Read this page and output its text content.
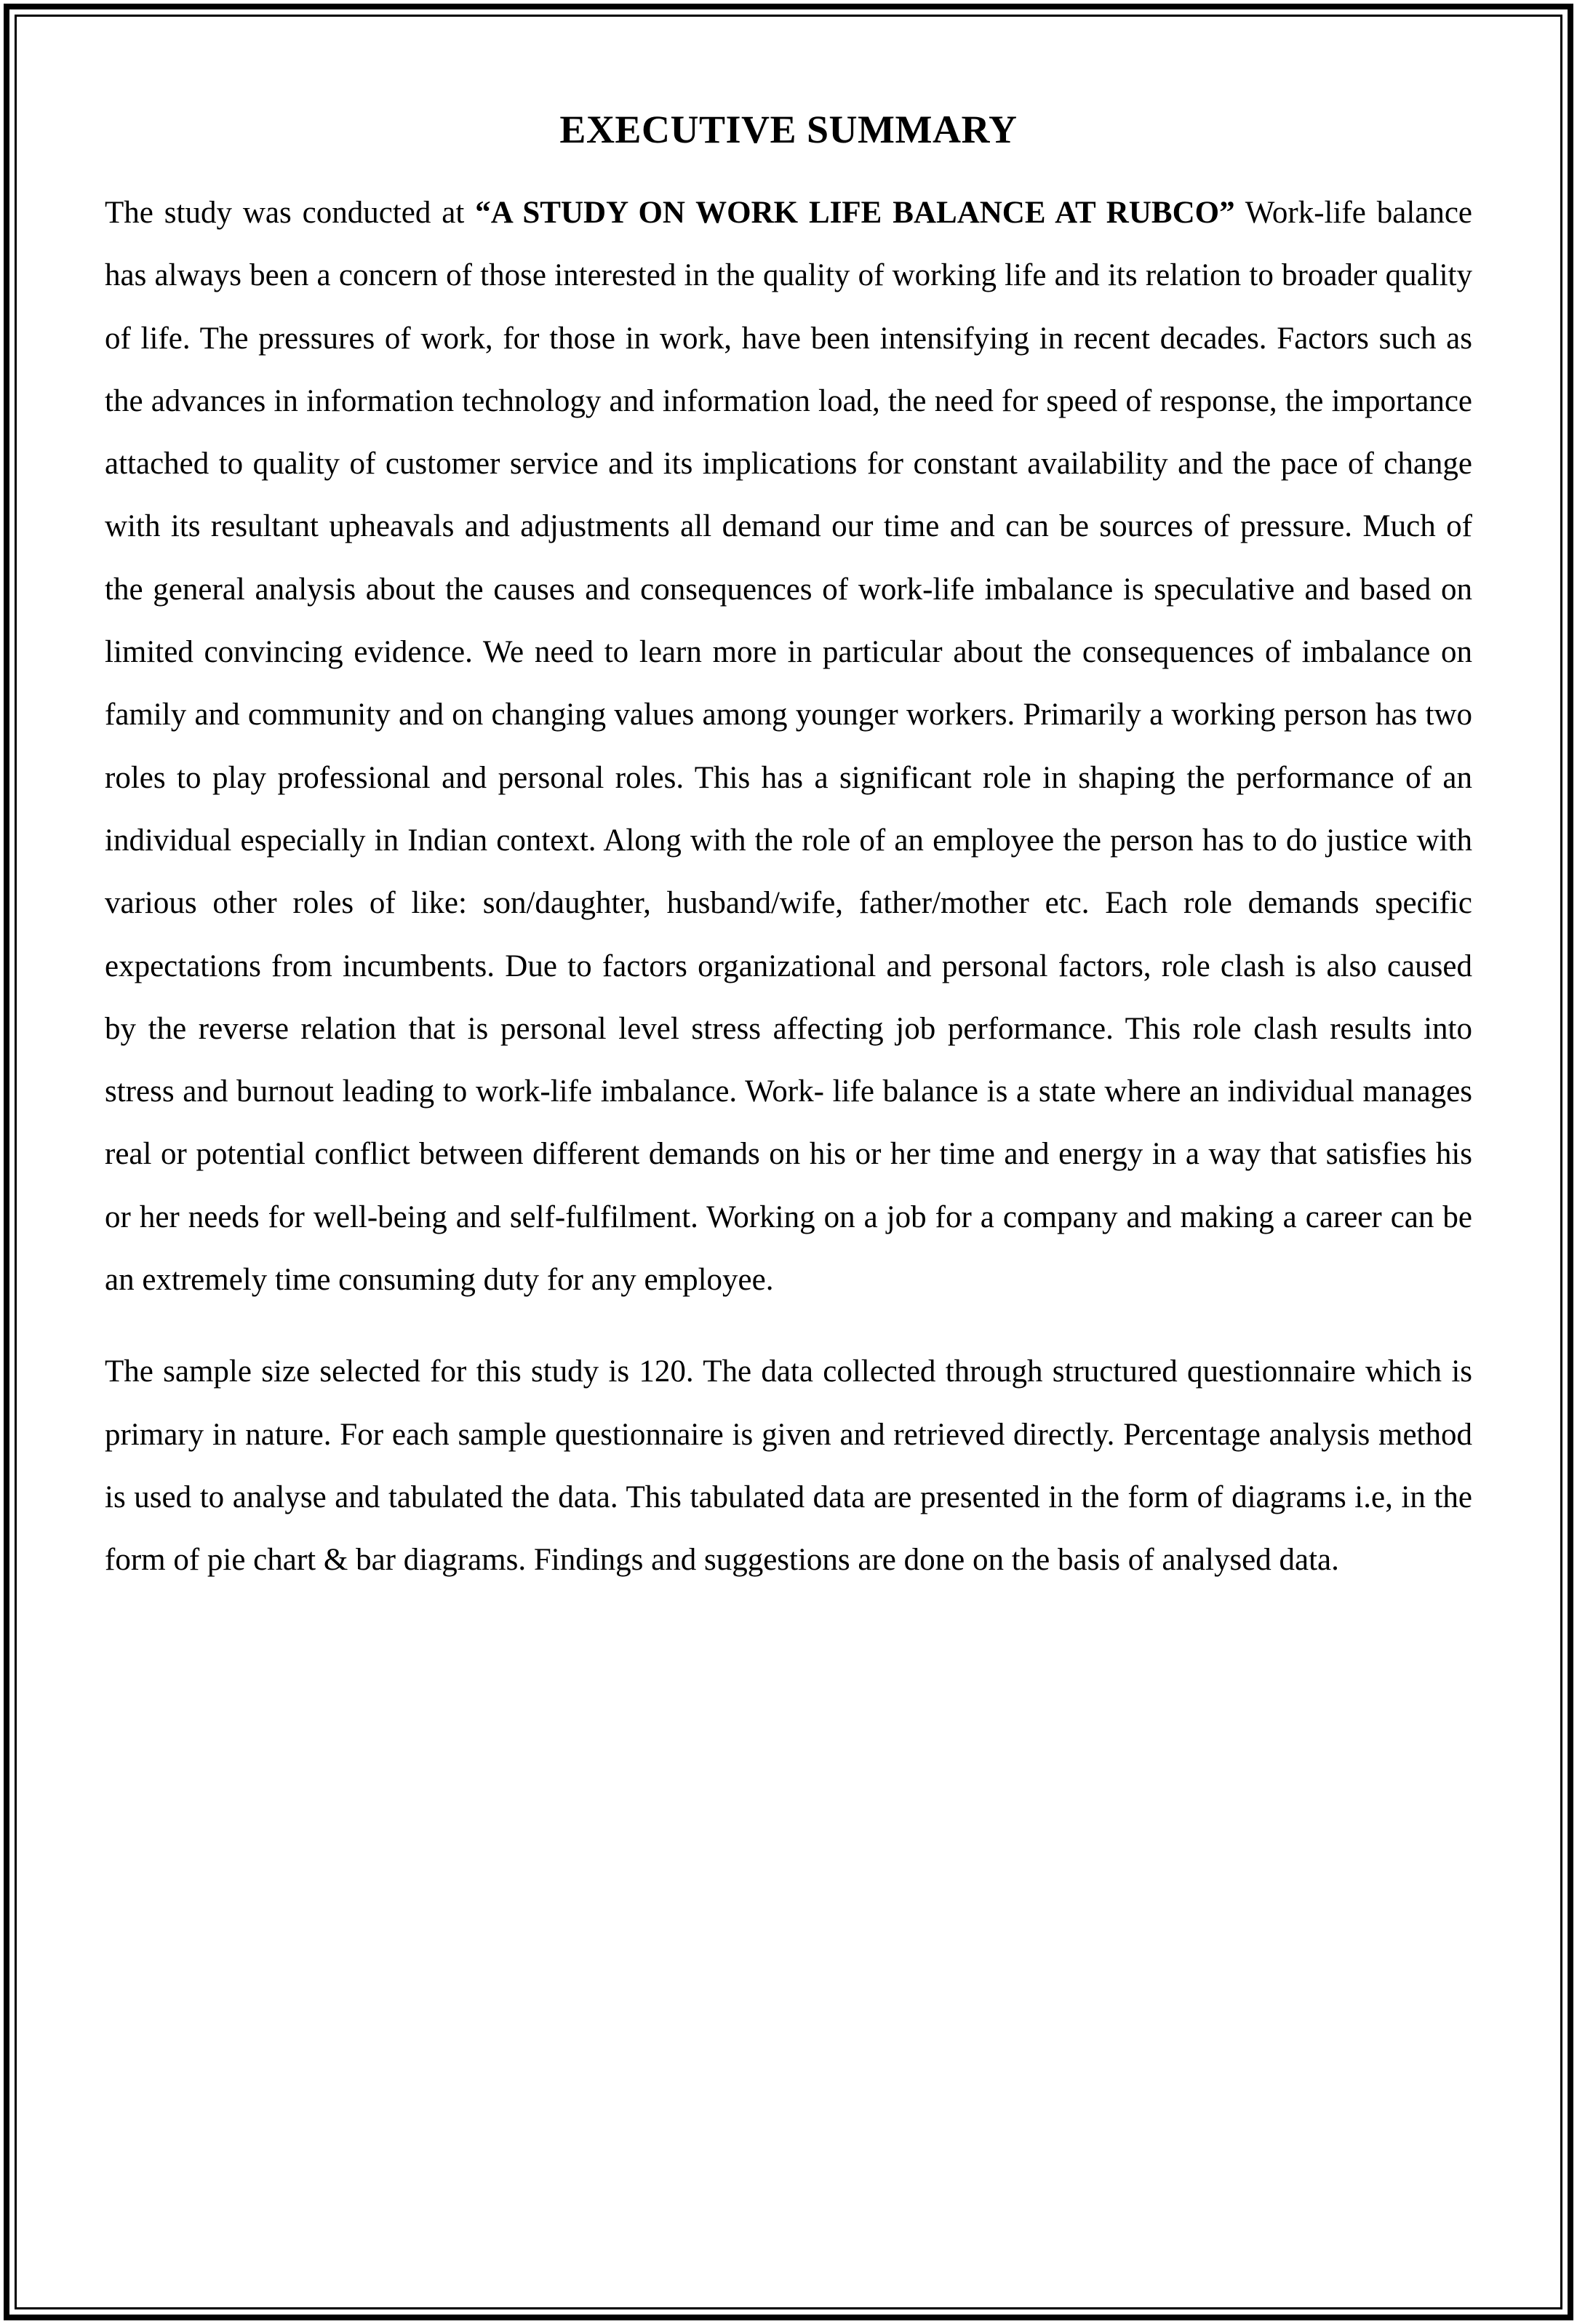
EXECUTIVE SUMMARY

The study was conducted at “A STUDY ON WORK LIFE BALANCE AT RUBCO” Work-life balance has always been a concern of those interested in the quality of working life and its relation to broader quality of life. The pressures of work, for those in work, have been intensifying in recent decades. Factors such as the advances in information technology and information load, the need for speed of response, the importance attached to quality of customer service and its implications for constant availability and the pace of change with its resultant upheavals and adjustments all demand our time and can be sources of pressure. Much of the general analysis about the causes and consequences of work-life imbalance is speculative and based on limited convincing evidence. We need to learn more in particular about the consequences of imbalance on family and community and on changing values among younger workers. Primarily a working person has two roles to play professional and personal roles. This has a significant role in shaping the performance of an individual especially in Indian context. Along with the role of an employee the person has to do justice with various other roles of like: son/daughter, husband/wife, father/mother etc. Each role demands specific expectations from incumbents. Due to factors organizational and personal factors, role clash is also caused by the reverse relation that is personal level stress affecting job performance. This role clash results into stress and burnout leading to work-life imbalance. Work- life balance is a state where an individual manages real or potential conflict between different demands on his or her time and energy in a way that satisfies his or her needs for well-being and self-fulfilment. Working on a job for a company and making a career can be an extremely time consuming duty for any employee.

The sample size selected for this study is 120. The data collected through structured questionnaire which is primary in nature. For each sample questionnaire is given and retrieved directly. Percentage analysis method is used to analyse and tabulated the data. This tabulated data are presented in the form of diagrams i.e, in the form of pie chart & bar diagrams. Findings and suggestions are done on the basis of analysed data.
